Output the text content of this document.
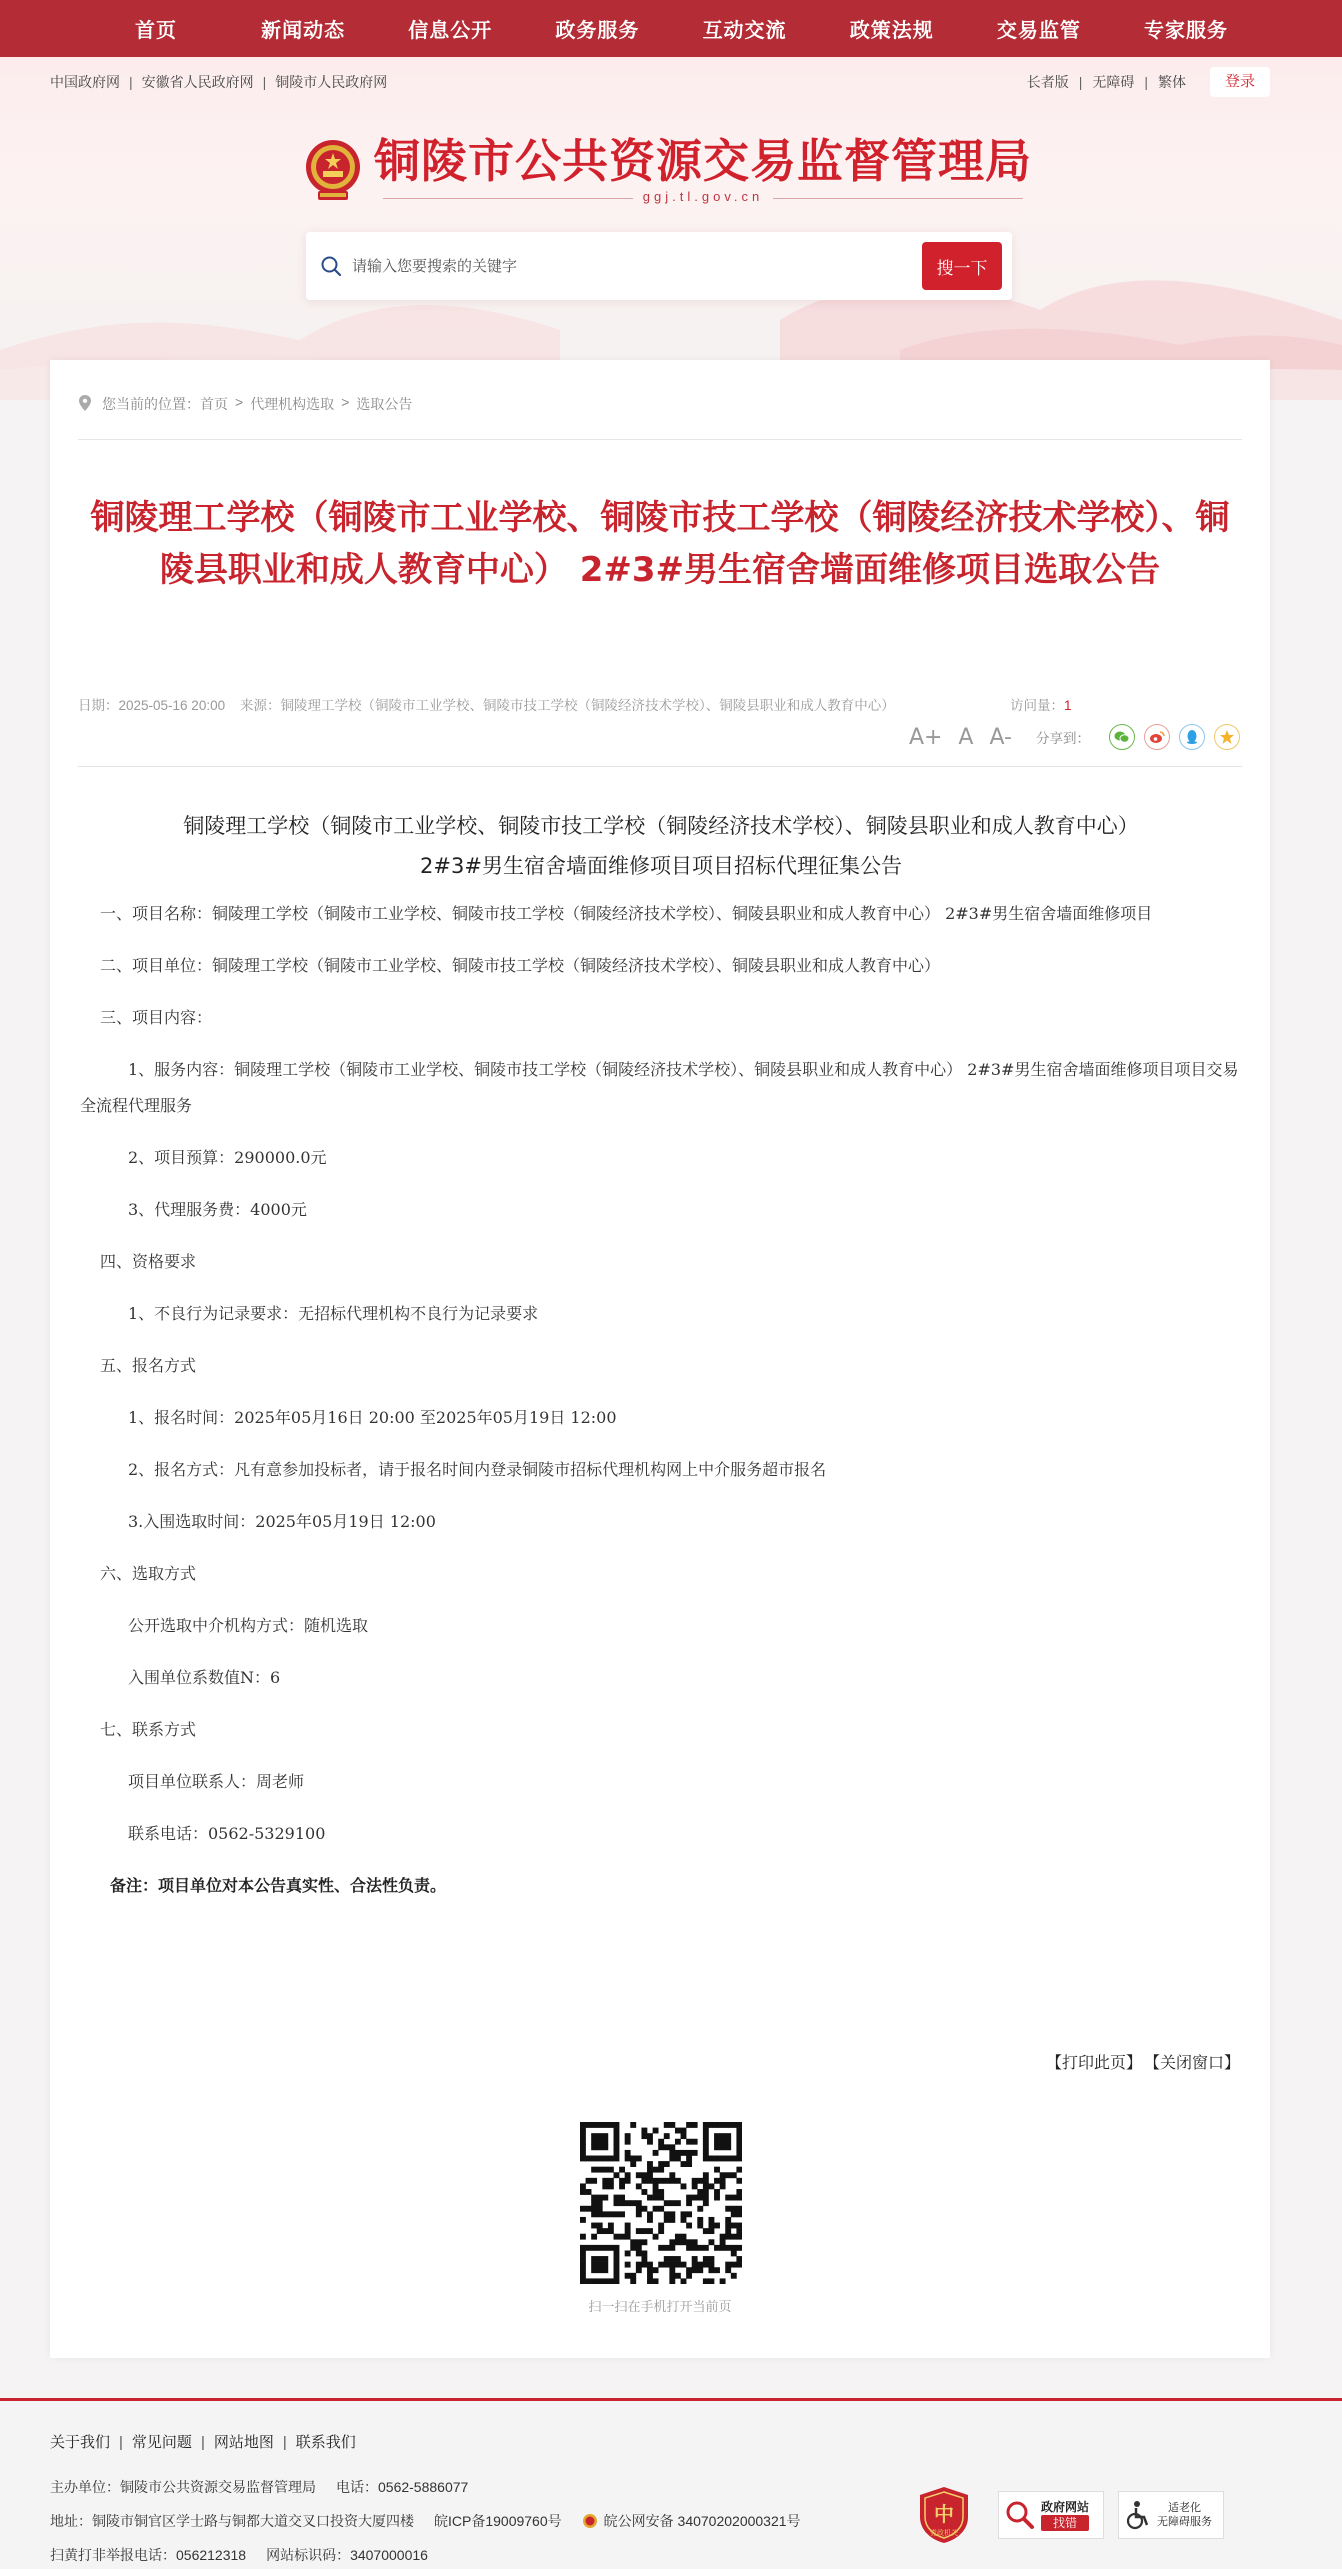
首页	新闻动态	信息公开	政务服务	互动交流	政策法规	交易监管	专家服务
中国政府网 | 安徽省人民政府网 | 铜陵市人民政府网	长者版 | 无障碍 | 繁体	登录
铜陵市公共资源交易监督管理局
ggj.tl.gov.cn
请输入您要搜索的关键字
搜一下
您当前的位置： 首页 > 代理机构选取 > 选取公告
铜陵理工学校（铜陵市工业学校、铜陵市技工学校（铜陵经济技术学校）、铜陵县职业和成人教育中心） 2#3#男生宿舍墙面维修项目选取公告
日期：2025-05-16 20:00	来源：铜陵理工学校（铜陵市工业学校、铜陵市技工学校（铜陵经济技术学校）、铜陵县职业和成人教育中心）	访问量：1
A+ A A- 分享到：
铜陵理工学校（铜陵市工业学校、铜陵市技工学校（铜陵经济技术学校）、铜陵县职业和成人教育中心）
2#3#男生宿舍墙面维修项目项目招标代理征集公告

一、项目名称：铜陵理工学校（铜陵市工业学校、铜陵市技工学校（铜陵经济技术学校）、铜陵县职业和成人教育中心） 2#3#男生宿舍墙面维修项目

二、项目单位：铜陵理工学校（铜陵市工业学校、铜陵市技工学校（铜陵经济技术学校）、铜陵县职业和成人教育中心）

三、项目内容：

1、服务内容：铜陵理工学校（铜陵市工业学校、铜陵市技工学校（铜陵经济技术学校）、铜陵县职业和成人教育中心） 2#3#男生宿舍墙面维修项目项目交易全流程代理服务

2、项目预算：290000.0元

3、代理服务费：4000元

四、资格要求

1、不良行为记录要求：无招标代理机构不良行为记录要求

五、报名方式

1、报名时间：2025年05月16日 20:00 至2025年05月19日 12:00

2、报名方式：凡有意参加投标者，请于报名时间内登录铜陵市招标代理机构网上中介服务超市报名

3.入围选取时间：2025年05月19日 12:00

六、选取方式

公开选取中介机构方式：随机选取

入围单位系数值N：6

七、联系方式

项目单位联系人：周老师

联系电话：0562-5329100

备注：项目单位对本公告真实性、合法性负责。

【打印此页】 【关闭窗口】
扫一扫在手机打开当前页
关于我们 | 常见问题 | 网站地图 | 联系我们
主办单位：铜陵市公共资源交易监督管理局 电话：0562-5886077
地址：铜陵市铜官区学士路与铜都大道交叉口投资大厦四楼 皖ICP备19009760号	皖公网安备 34070202000321号
扫黄打非举报电话：056212318 网站标识码：3407000016
中
党政机关
政府网站
找错
适老化
无障碍服务
